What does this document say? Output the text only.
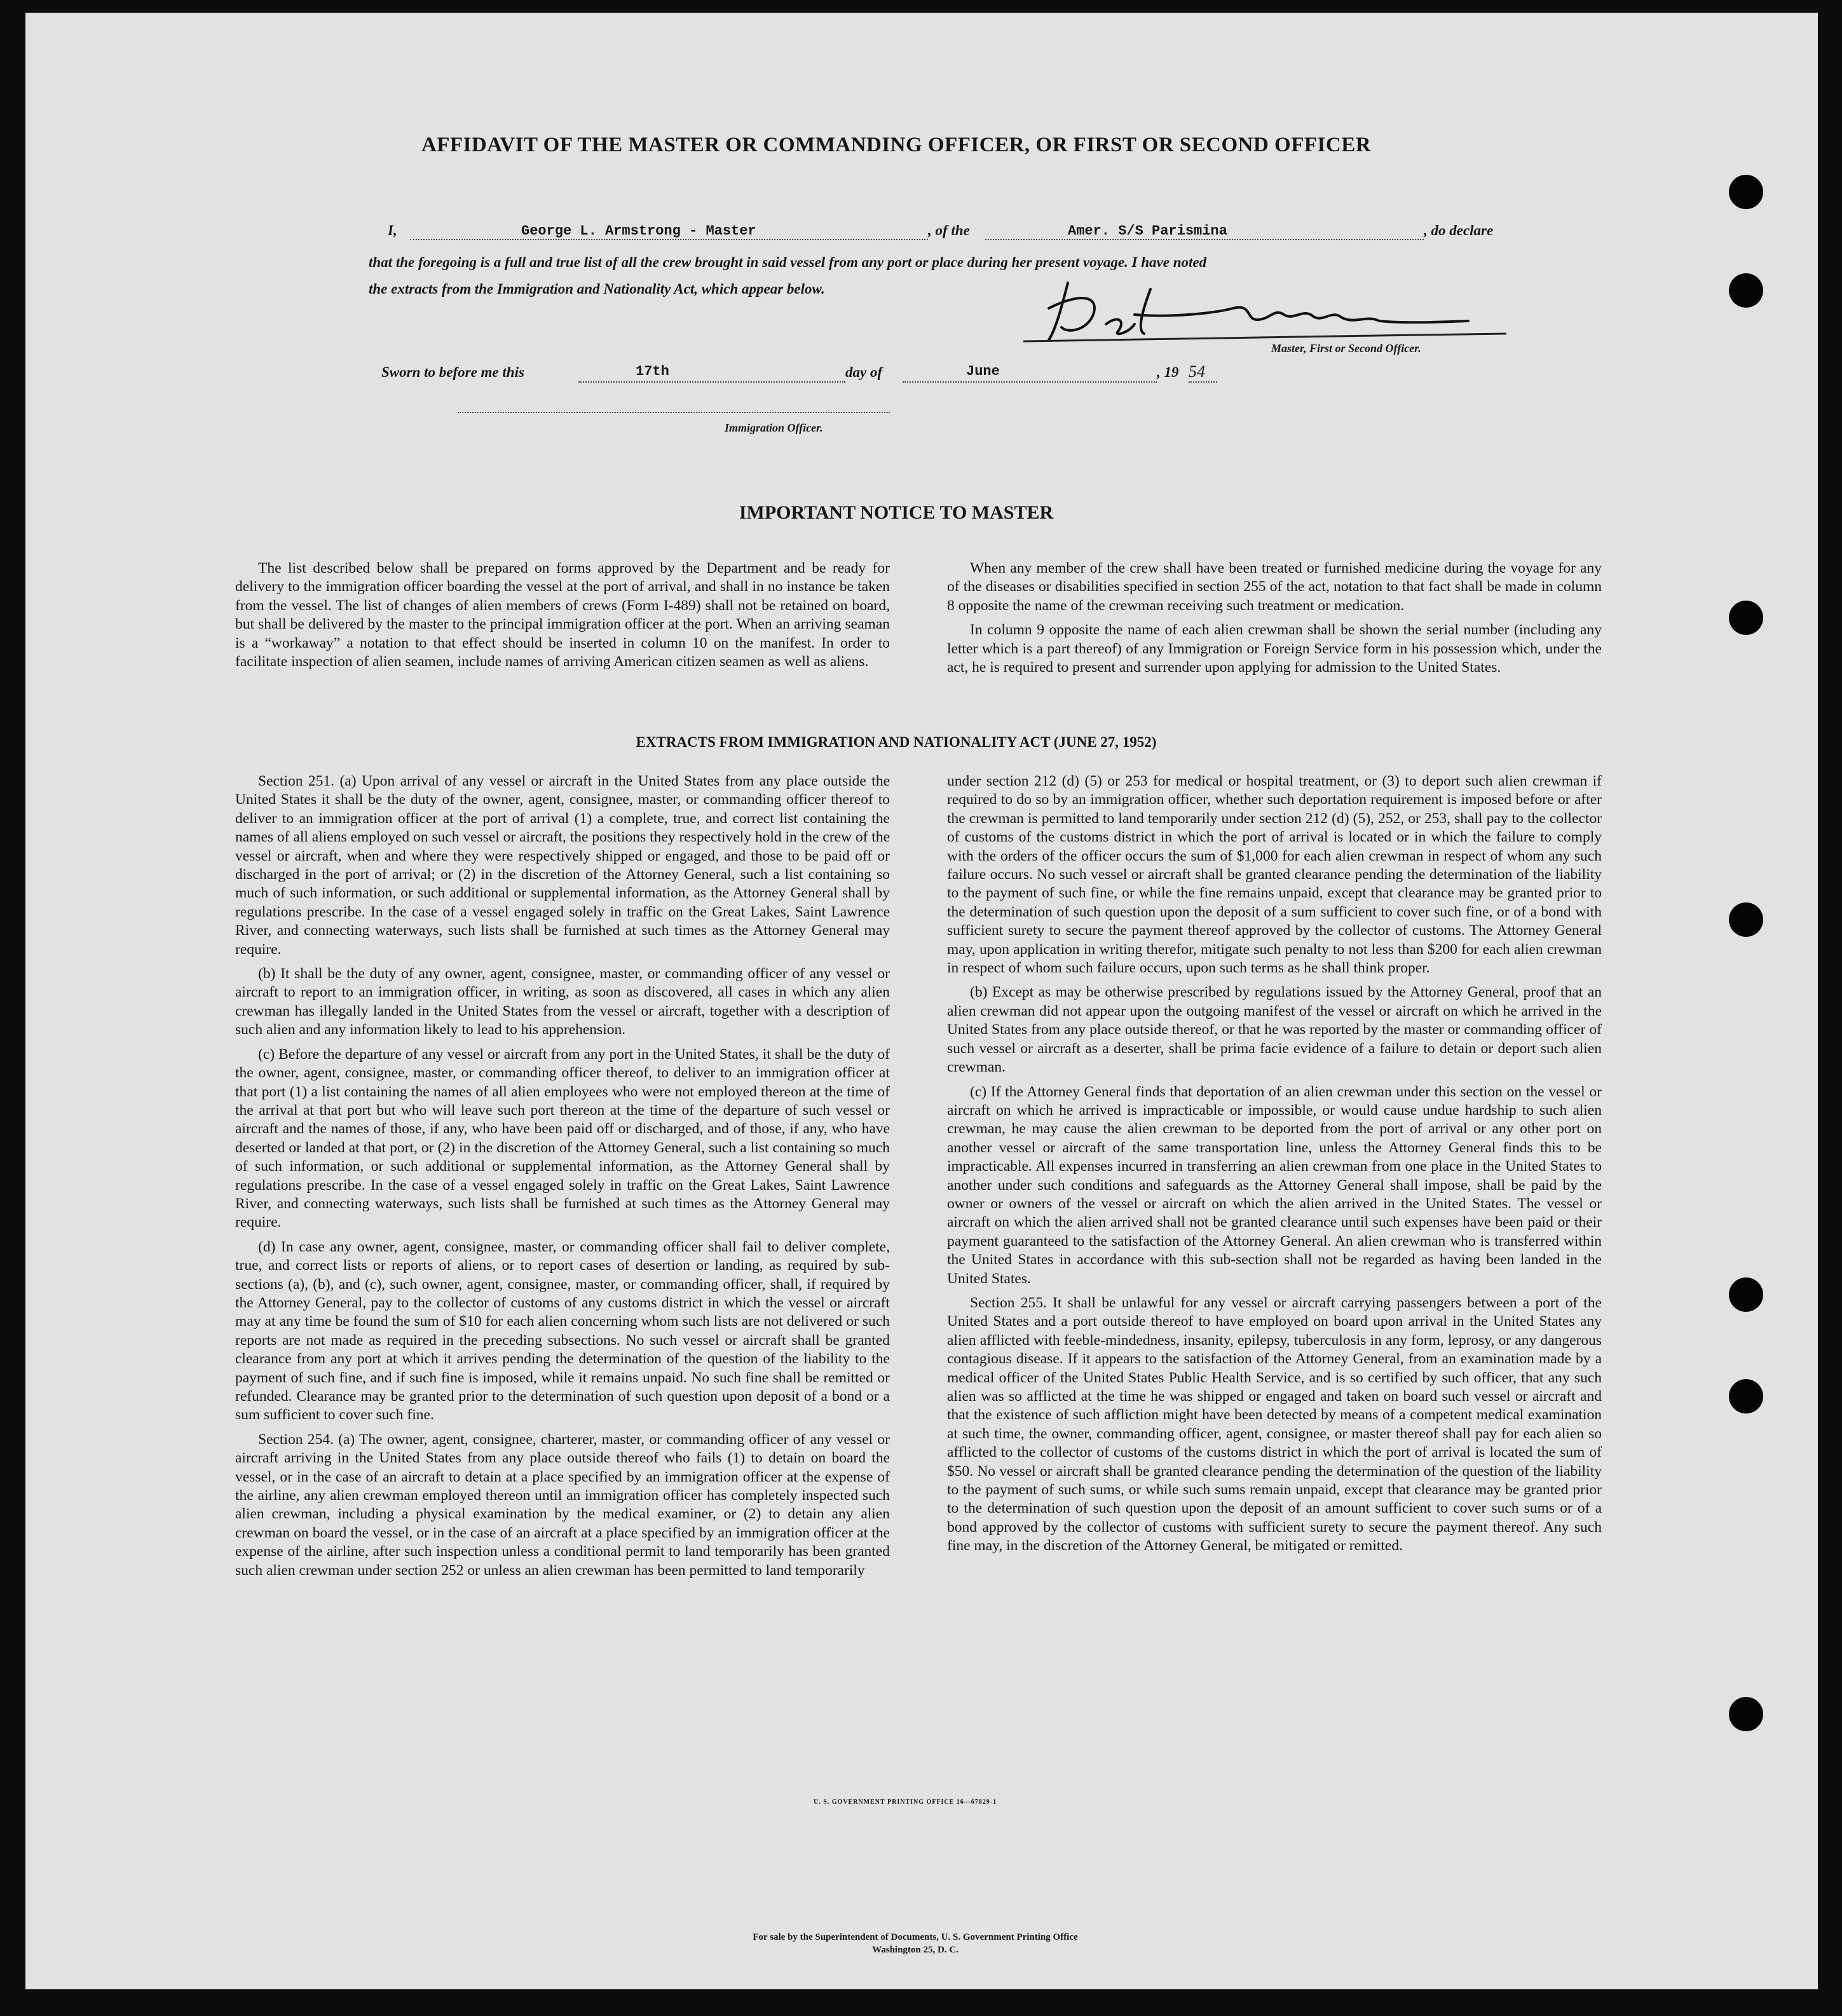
AFFIDAVIT OF THE MASTER OR COMMANDING OFFICER, OR FIRST OR SECOND OFFICER
I,	George L. Armstrong - Master	, of the	Amer. S/S Parismina	, do declare
that the foregoing is a full and true list of all the crew brought in said vessel from any port or place during her present voyage. I have noted
the extracts from the Immigration and Nationality Act, which appear below.
Master, First or Second Officer.
Sworn to before me this	17th	day of	June	, 19 54
Immigration Officer.
IMPORTANT NOTICE TO MASTER

The list described below shall be prepared on forms approved by the Department and be ready for delivery to the immigration officer boarding the vessel at the port of arrival, and shall in no instance be taken from the vessel. The list of changes of alien members of crews (Form I-489) shall not be retained on board, but shall be delivered by the master to the principal immigration officer at the port. When an arriving seaman is a “workaway” a notation to that effect should be inserted in column 10 on the manifest. In order to facilitate inspection of alien seamen, include names of arriving American citizen seamen as well as aliens.

When any member of the crew shall have been treated or furnished medicine during the voyage for any of the diseases or disabilities specified in section 255 of the act, notation to that fact shall be made in column 8 opposite the name of the crewman receiving such treatment or medication.

In column 9 opposite the name of each alien crewman shall be shown the serial number (including any letter which is a part thereof) of any Immigration or Foreign Service form in his possession which, under the act, he is required to present and surrender upon applying for admission to the United States.

EXTRACTS FROM IMMIGRATION AND NATIONALITY ACT (JUNE 27, 1952)

Section 251. (a) Upon arrival of any vessel or aircraft in the United States from any place outside the United States it shall be the duty of the owner, agent, consignee, master, or commanding officer thereof to deliver to an immigration officer at the port of arrival (1) a complete, true, and correct list containing the names of all aliens employed on such vessel or aircraft, the positions they respectively hold in the crew of the vessel or aircraft, when and where they were respectively shipped or engaged, and those to be paid off or discharged in the port of arrival; or (2) in the discretion of the Attorney General, such a list containing so much of such information, or such additional or supplemental information, as the Attorney General shall by regulations prescribe. In the case of a vessel engaged solely in traffic on the Great Lakes, Saint Lawrence River, and connecting waterways, such lists shall be furnished at such times as the Attorney General may require.

(b) It shall be the duty of any owner, agent, consignee, master, or commanding officer of any vessel or aircraft to report to an immigration officer, in writing, as soon as discovered, all cases in which any alien crewman has illegally landed in the United States from the vessel or aircraft, together with a description of such alien and any information likely to lead to his apprehension.

(c) Before the departure of any vessel or aircraft from any port in the United States, it shall be the duty of the owner, agent, consignee, master, or commanding officer thereof, to deliver to an immigration officer at that port (1) a list containing the names of all alien employees who were not employed thereon at the time of the arrival at that port but who will leave such port thereon at the time of the departure of such vessel or aircraft and the names of those, if any, who have been paid off or discharged, and of those, if any, who have deserted or landed at that port, or (2) in the discretion of the Attorney General, such a list containing so much of such information, or such additional or supplemental information, as the Attorney General shall by regulations prescribe. In the case of a vessel engaged solely in traffic on the Great Lakes, Saint Lawrence River, and connecting waterways, such lists shall be furnished at such times as the Attorney General may require.

(d) In case any owner, agent, consignee, master, or commanding officer shall fail to deliver complete, true, and correct lists or reports of aliens, or to report cases of desertion or landing, as required by sub-sections (a), (b), and (c), such owner, agent, consignee, master, or commanding officer, shall, if required by the Attorney General, pay to the collector of customs of any customs district in which the vessel or aircraft may at any time be found the sum of $10 for each alien concerning whom such lists are not delivered or such reports are not made as required in the preceding subsections. No such vessel or aircraft shall be granted clearance from any port at which it arrives pending the determination of the question of the liability to the payment of such fine, and if such fine is imposed, while it remains unpaid. No such fine shall be remitted or refunded. Clearance may be granted prior to the determination of such question upon deposit of a bond or a sum sufficient to cover such fine.

Section 254. (a) The owner, agent, consignee, charterer, master, or commanding officer of any vessel or aircraft arriving in the United States from any place outside thereof who fails (1) to detain on board the vessel, or in the case of an aircraft to detain at a place specified by an immigration officer at the expense of the airline, any alien crewman employed thereon until an immigration officer has completely inspected such alien crewman, including a physical examination by the medical examiner, or (2) to detain any alien crewman on board the vessel, or in the case of an aircraft at a place specified by an immigration officer at the expense of the airline, after such inspection unless a conditional permit to land temporarily has been granted such alien crewman under section 252 or unless an alien crewman has been permitted to land temporarily

under section 212 (d) (5) or 253 for medical or hospital treatment, or (3) to deport such alien crewman if required to do so by an immigration officer, whether such deportation requirement is imposed before or after the crewman is permitted to land temporarily under section 212 (d) (5), 252, or 253, shall pay to the collector of customs of the customs district in which the port of arrival is located or in which the failure to comply with the orders of the officer occurs the sum of $1,000 for each alien crewman in respect of whom any such failure occurs. No such vessel or aircraft shall be granted clearance pending the determination of the liability to the payment of such fine, or while the fine remains unpaid, except that clearance may be granted prior to the determination of such question upon the deposit of a sum sufficient to cover such fine, or of a bond with sufficient surety to secure the payment thereof approved by the collector of customs. The Attorney General may, upon application in writing therefor, mitigate such penalty to not less than $200 for each alien crewman in respect of whom such failure occurs, upon such terms as he shall think proper.

(b) Except as may be otherwise prescribed by regulations issued by the Attorney General, proof that an alien crewman did not appear upon the outgoing manifest of the vessel or aircraft on which he arrived in the United States from any place outside thereof, or that he was reported by the master or commanding officer of such vessel or aircraft as a deserter, shall be prima facie evidence of a failure to detain or deport such alien crewman.

(c) If the Attorney General finds that deportation of an alien crewman under this section on the vessel or aircraft on which he arrived is impracticable or impossible, or would cause undue hardship to such alien crewman, he may cause the alien crewman to be deported from the port of arrival or any other port on another vessel or aircraft of the same transportation line, unless the Attorney General finds this to be impracticable. All expenses incurred in transferring an alien crewman from one place in the United States to another under such conditions and safeguards as the Attorney General shall impose, shall be paid by the owner or owners of the vessel or aircraft on which the alien arrived in the United States. The vessel or aircraft on which the alien arrived shall not be granted clearance until such expenses have been paid or their payment guaranteed to the satisfaction of the Attorney General. An alien crewman who is transferred within the United States in accordance with this sub-section shall not be regarded as having been landed in the United States.

Section 255. It shall be unlawful for any vessel or aircraft carrying passengers between a port of the United States and a port outside thereof to have employed on board upon arrival in the United States any alien afflicted with feeble-mindedness, insanity, epilepsy, tuberculosis in any form, leprosy, or any dangerous contagious disease. If it appears to the satisfaction of the Attorney General, from an examination made by a medical officer of the United States Public Health Service, and is so certified by such officer, that any such alien was so afflicted at the time he was shipped or engaged and taken on board such vessel or aircraft and that the existence of such affliction might have been detected by means of a competent medical examination at such time, the owner, commanding officer, agent, consignee, or master thereof shall pay for each alien so afflicted to the collector of customs of the customs district in which the port of arrival is located the sum of $50. No vessel or aircraft shall be granted clearance pending the determination of the question of the liability to the payment of such sums, or while such sums remain unpaid, except that clearance may be granted prior to the determination of such question upon the deposit of an amount sufficient to cover such sums or of a bond approved by the collector of customs with sufficient surety to secure the payment thereof. Any such fine may, in the discretion of the Attorney General, be mitigated or remitted.

U. S. GOVERNMENT PRINTING OFFICE 16—67829-1
For sale by the Superintendent of Documents, U. S. Government Printing Office
Washington 25, D. C.
